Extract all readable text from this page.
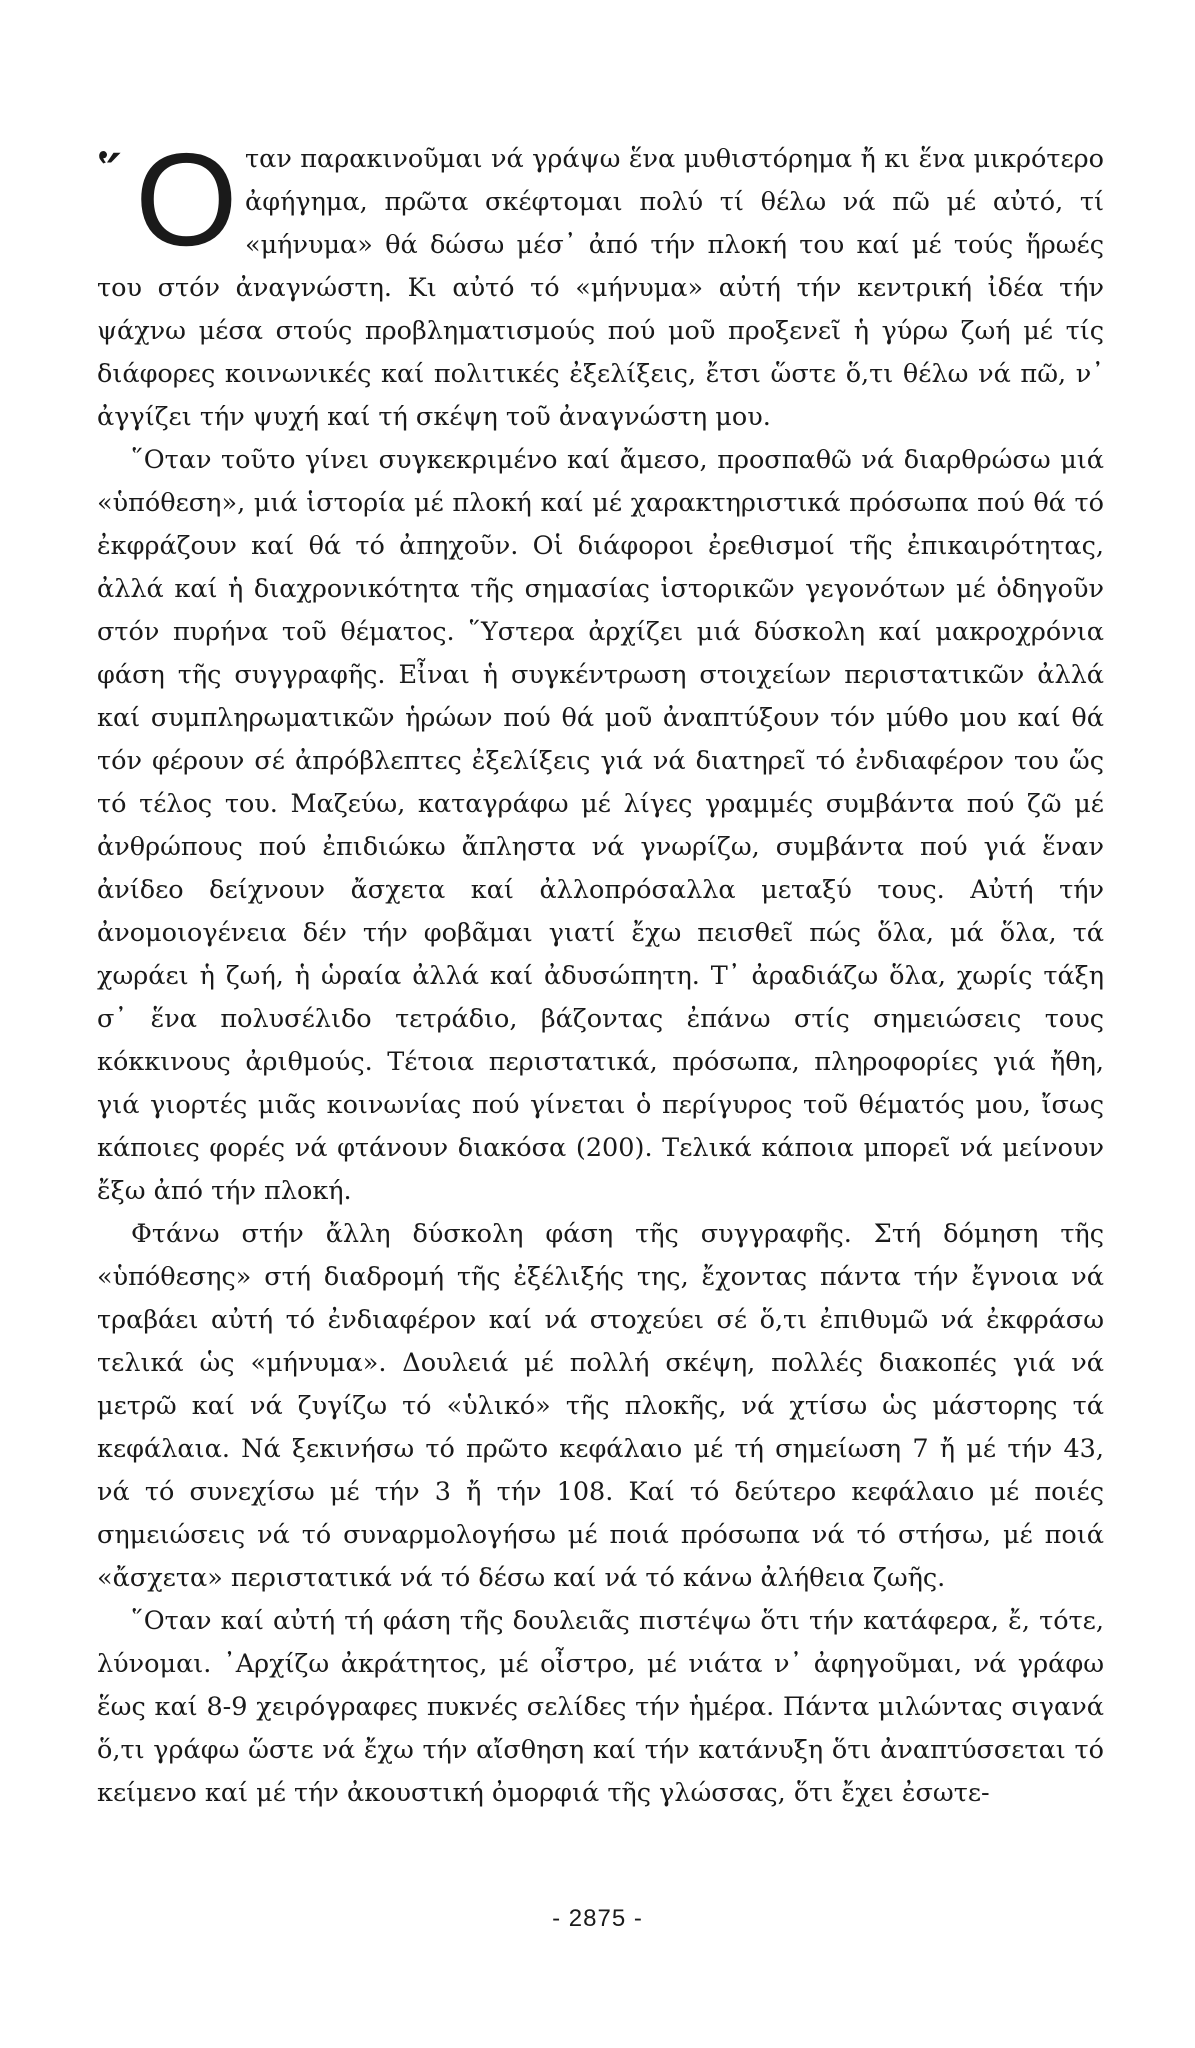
῞ Ο ταν παρακινοῦμαι νά γράψω ἕνα μυθιστόρημα ἤ κι ἕνα μικρότερο ἀφήγημα, πρῶτα σκέφτομαι πολύ τί θέλω νά πῶ μέ αὐτό, τί «μήνυμα» θά δώσω μέσ᾽ ἀπό τήν πλοκή του καί μέ τούς ἥρωές του στόν ἀναγνώστη. Κι αὐτό τό «μήνυμα» αὐτή τήν κεντρική ἰδέα τήν ψάχνω μέσα στούς προβληματισμούς πού μοῦ προξενεῖ ἡ γύρω ζωή μέ τίς διάφορες κοινωνικές καί πολιτικές ἐξελίξεις, ἔτσι ὥστε ὅ,τι θέλω νά πῶ, ν᾽ ἀγγίζει τήν ψυχή καί τή σκέψη τοῦ ἀναγνώστη μου.

῞Οταν τοῦτο γίνει συγκεκριμένο καί ἄμεσο, προσπαθῶ νά διαρθρώσω μιά «ὑπόθεση», μιά ἱστορία μέ πλοκή καί μέ χαρακτηριστικά πρόσωπα πού θά τό ἐκφράζουν καί θά τό ἀπηχοῦν. Οἱ διάφοροι ἐρεθισμοί τῆς ἐπικαιρότητας, ἀλλά καί ἡ διαχρονικότητα τῆς σημασίας ἱστορικῶν γεγονότων μέ ὁδηγοῦν στόν πυρήνα τοῦ θέματος. ῞Υστερα ἀρχίζει μιά δύσκολη καί μακροχρόνια φάση τῆς συγγραφῆς. Εἶναι ἡ συγκέντρωση στοιχείων περιστατικῶν ἀλλά καί συμπληρωματικῶν ἡρώων πού θά μοῦ ἀναπτύξουν τόν μύθο μου καί θά τόν φέρουν σέ ἀπρόβλεπτες ἐξελίξεις γιά νά διατηρεῖ τό ἐνδιαφέρον του ὥς τό τέλος του. Μαζεύω, καταγράφω μέ λίγες γραμμές συμβάντα πού ζῶ μέ ἀνθρώπους πού ἐπιδιώκω ἄπληστα νά γνωρίζω, συμβάντα πού γιά ἕναν ἀνίδεο δείχνουν ἄσχετα καί ἀλλοπρόσαλλα μεταξύ τους. Αὐτή τήν ἀνομοιογένεια δέν τήν φοβᾶμαι γιατί ἔχω πεισθεῖ πώς ὅλα, μά ὅλα, τά χωράει ἡ ζωή, ἡ ὡραία ἀλλά καί ἀδυσώπητη. Τ᾽ ἀραδιάζω ὅλα, χωρίς τάξη σ᾽ ἕνα πολυσέλιδο τετράδιο, βάζοντας ἐπάνω στίς σημειώσεις τους κόκκινους ἀριθμούς. Τέτοια περιστατικά, πρόσωπα, πληροφορίες γιά ἤθη, γιά γιορτές μιᾶς κοινωνίας πού γίνεται ὁ περίγυρος τοῦ θέματός μου, ἴσως κάποιες φορές νά φτάνουν διακόσα (200). Τελικά κάποια μπορεῖ νά μείνουν ἔξω ἀπό τήν πλοκή.

Φτάνω στήν ἄλλη δύσκολη φάση τῆς συγγραφῆς. Στή δόμηση τῆς «ὑπόθεσης» στή διαδρομή τῆς ἐξέλιξής της, ἔχοντας πάντα τήν ἔγνοια νά τραβάει αὐτή τό ἐνδιαφέρον καί νά στοχεύει σέ ὅ,τι ἐπιθυμῶ νά ἐκφράσω τελικά ὡς «μήνυμα». Δουλειά μέ πολλή σκέψη, πολλές διακοπές γιά νά μετρῶ καί νά ζυγίζω τό «ὑλικό» τῆς πλοκῆς, νά χτίσω ὡς μάστορης τά κεφάλαια. Νά ξεκινήσω τό πρῶτο κεφάλαιο μέ τή σημείωση 7 ἤ μέ τήν 43, νά τό συνεχίσω μέ τήν 3 ἤ τήν 108. Καί τό δεύτερο κεφάλαιο μέ ποιές σημειώσεις νά τό συναρμολογήσω μέ ποιά πρόσωπα νά τό στήσω, μέ ποιά «ἄσχετα» περιστατικά νά τό δέσω καί νά τό κάνω ἀλήθεια ζωῆς.

῞Οταν καί αὐτή τή φάση τῆς δουλειᾶς πιστέψω ὅτι τήν κατάφερα, ἔ, τότε, λύνομαι. ᾽Αρχίζω ἀκράτητος, μέ οἶστρο, μέ νιάτα ν᾽ ἀφηγοῦμαι, νά γράφω ἕως καί 8-9 χειρόγραφες πυκνές σελίδες τήν ἡμέρα. Πάντα μιλώντας σιγανά ὅ,τι γράφω ὥστε νά ἔχω τήν αἴσθηση καί τήν κατάνυξη ὅτι ἀναπτύσσεται τό κείμενο καί μέ τήν ἀκουστική ὀμορφιά τῆς γλώσσας, ὅτι ἔχει ἐσωτε-

- 2875 -
